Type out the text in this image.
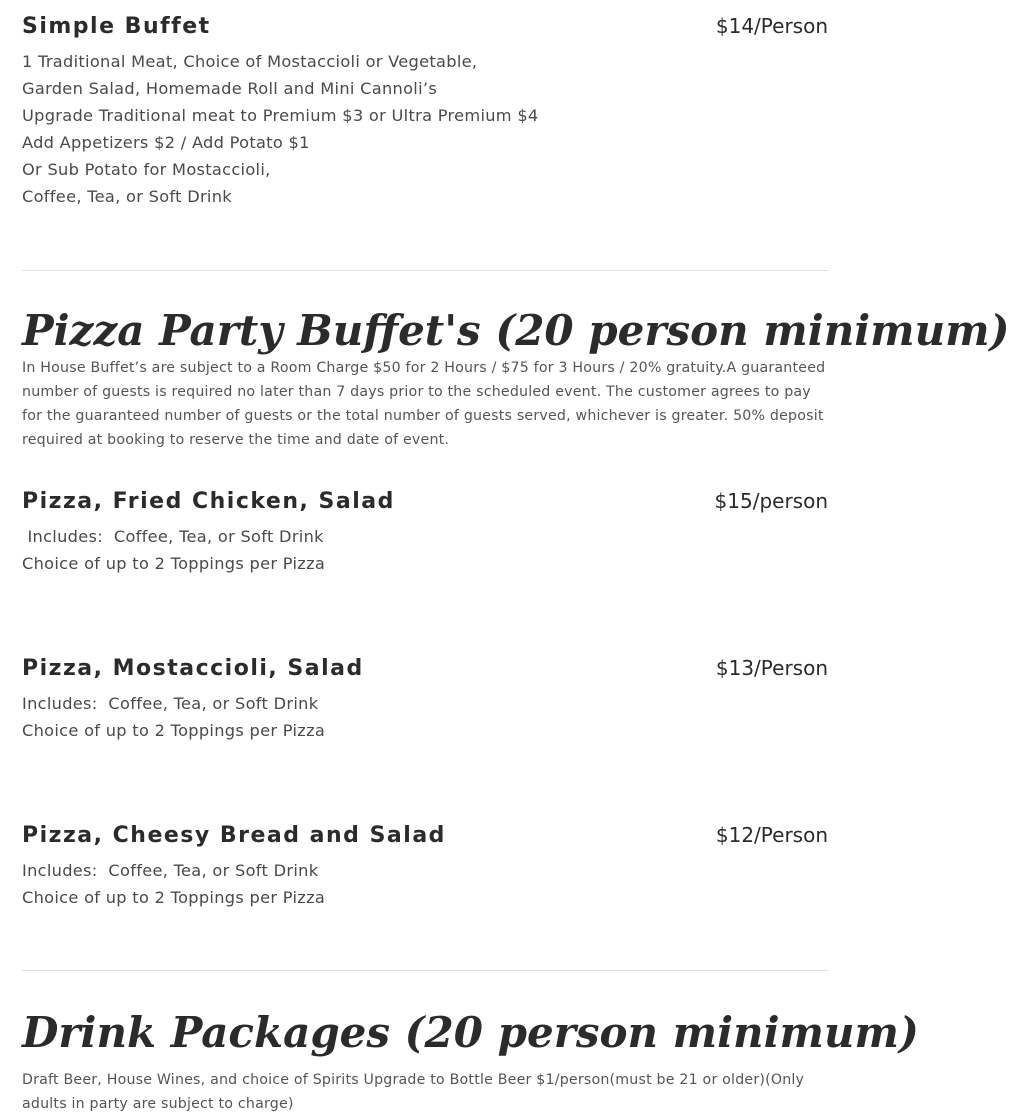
Simple Buffet	$14/Person
1 Traditional Meat, Choice of Mostaccioli or Vegetable,
Garden Salad, Homemade Roll and Mini Cannoli’s
Upgrade Traditional meat to Premium $3 or Ultra Premium $4
Add Appetizers $2 / Add Potato $1
Or Sub Potato for Mostaccioli,
Coffee, Tea, or Soft Drink
Pizza Party Buffet's (20 person minimum)

In House Buffet’s are subject to a Room Charge $50 for 2 Hours / $75 for 3 Hours / 20% gratuity.A guaranteed number of guests is required no later than 7 days prior to the scheduled event. The customer agrees to pay for the guaranteed number of guests or the total number of guests served, whichever is greater. 50% deposit required at booking to reserve the time and date of event.

Pizza, Fried Chicken, Salad	$15/person
Includes:  Coffee, Tea, or Soft Drink
Choice of up to 2 Toppings per Pizza
Pizza, Mostaccioli, Salad	$13/Person
Includes:  Coffee, Tea, or Soft Drink
Choice of up to 2 Toppings per Pizza
Pizza, Cheesy Bread and Salad	$12/Person
Includes:  Coffee, Tea, or Soft Drink
Choice of up to 2 Toppings per Pizza
Drink Packages (20 person minimum)

Draft Beer, House Wines, and choice of Spirits Upgrade to Bottle Beer $1/person(must be 21 or older)(Only adults in party are subject to charge)
